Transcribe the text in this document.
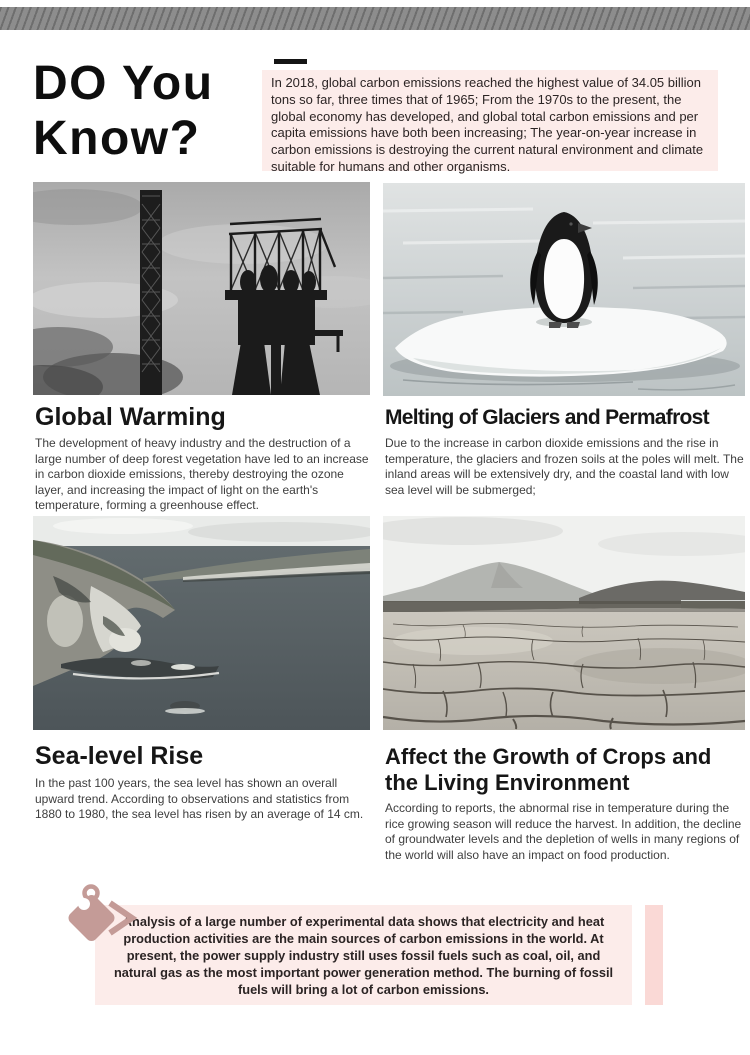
DO You
Know?
In 2018, global carbon emissions reached the highest value of 34.05 billion tons so far, three times that of 1965; From the 1970s to the present, the global economy has developed, and global total carbon emissions and per capita emissions have both been increasing; The year-on-year increase in carbon emissions is destroying the current natural environment and climate suitable for humans and other organisms.
Global Warming	Melting of Glaciers and Permafrost
Sea-level Rise	Affect the Growth of Crops and the Living Environment
The development of heavy industry and the destruction of a large number of deep forest vegetation have led to an increase in carbon dioxide emissions, thereby destroying the ozone layer, and increasing the impact of light on the earth's temperature, forming a greenhouse effect.
Due to the increase in carbon dioxide emissions and the rise in temperature, the glaciers and frozen soils at the poles will melt. The inland areas will be extensively dry, and the coastal land with low sea level will be submerged;
In the past 100 years, the sea level has shown an overall upward trend. According to observations and statistics from 1880 to 1980, the sea level has risen by an average of 14 cm.	According to reports, the abnormal rise in temperature during the rice growing season will reduce the harvest. In addition, the decline of groundwater levels and the depletion of wells in many regions of the world will also have an impact on food production.
Analysis of a large number of experimental data shows that electricity and heat production activities are the main sources of carbon emissions in the world. At present, the power supply industry still uses fossil fuels such as coal, oil, and natural gas as the most important power generation method. The burning of fossil fuels will bring a lot of carbon emissions.
